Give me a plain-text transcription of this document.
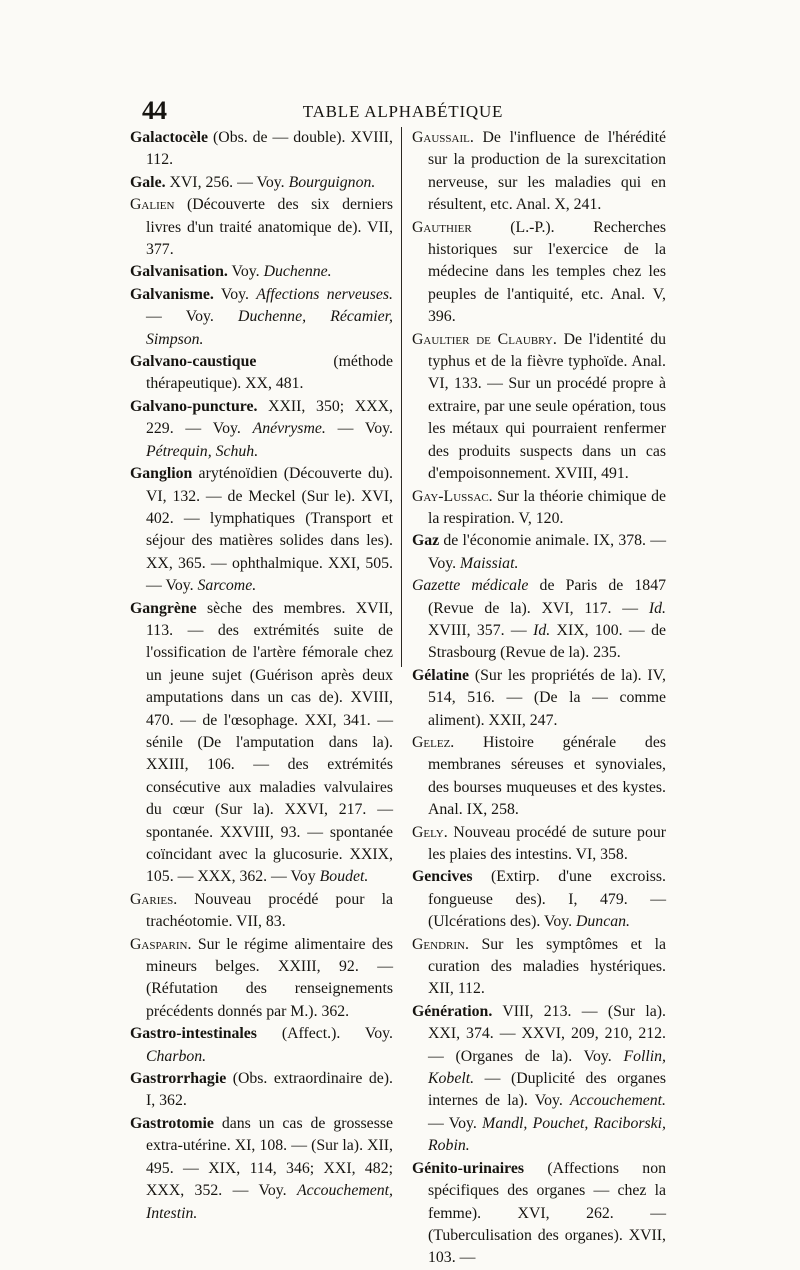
44	TABLE ALPHABÉTIQUE
Galactocèle (Obs. de — double). XVIII, 112.
Gale. XVI, 256. — Voy. Bourguignon.
Galien (Découverte des six derniers livres d'un traité anatomique de). VII, 377.
Galvanisation. Voy. Duchenne.
Galvanisme. Voy. Affections nerveuses. — Voy. Duchenne, Récamier, Simpson.
Galvano-caustique (méthode thérapeutique). XX, 481.
Galvano-puncture. XXII, 350; XXX, 229. — Voy. Anévrysme. — Voy. Pétrequin, Schuh.
Ganglion aryténoïdien (Découverte du). VI, 132. — de Meckel (Sur le). XVI, 402. — lymphatiques (Transport et séjour des matières solides dans les). XX, 365. — ophthalmique. XXI, 505. — Voy. Sarcome.
Gangrène sèche des membres. XVII, 113. — des extrémités suite de l'ossification de l'artère fémorale chez un jeune sujet (Guérison après deux amputations dans un cas de). XVIII, 470. — de l'œsophage. XXI, 341. — sénile (De l'amputation dans la). XXIII, 106. — des extrémités consécutive aux maladies valvulaires du cœur (Sur la). XXVI, 217. — spontanée. XXVIII, 93. — spontanée coïncidant avec la glucosurie. XXIX, 105. — XXX, 362. — Voy Boudet.
Garies. Nouveau procédé pour la trachéotomie. VII, 83.
Gasparin. Sur le régime alimentaire des mineurs belges. XXIII, 92. — (Réfutation des renseignements précédents donnés par M.). 362.
Gastro-intestinales (Affect.). Voy. Charbon.
Gastrorrhagie (Obs. extraordinaire de). I, 362.
Gastrotomie dans un cas de grossesse extra-utérine. XI, 108. — (Sur la). XII, 495. — XIX, 114, 346; XXI, 482; XXX, 352. — Voy. Accouchement, Intestin.
Gaussail. De l'influence de l'hérédité sur la production de la surexcitation nerveuse, sur les maladies qui en résultent, etc. Anal. X, 241.
Gauthier (L.-P.). Recherches historiques sur l'exercice de la médecine dans les temples chez les peuples de l'antiquité, etc. Anal. V, 396.
Gaultier de Claubry. De l'identité du typhus et de la fièvre typhoïde. Anal. VI, 133. — Sur un procédé propre à extraire, par une seule opération, tous les métaux qui pourraient renfermer des produits suspects dans un cas d'empoisonnement. XVIII, 491.
Gay-Lussac. Sur la théorie chimique de la respiration. V, 120.
Gaz de l'économie animale. IX, 378. — Voy. Maissiat.
Gazette médicale de Paris de 1847 (Revue de la). XVI, 117. — Id. XVIII, 357. — Id. XIX, 100. — de Strasbourg (Revue de la). 235.
Gélatine (Sur les propriétés de la). IV, 514, 516. — (De la — comme aliment). XXII, 247.
Gelez. Histoire générale des membranes séreuses et synoviales, des bourses muqueuses et des kystes. Anal. IX, 258.
Gely. Nouveau procédé de suture pour les plaies des intestins. VI, 358.
Gencives (Extirp. d'une excroiss. fongueuse des). I, 479. — (Ulcérations des). Voy. Duncan.
Gendrin. Sur les symptômes et la curation des maladies hystériques. XII, 112.
Génération. VIII, 213. — (Sur la). XXI, 374. — XXVI, 209, 210, 212. — (Organes de la). Voy. Follin, Kobelt. — (Duplicité des organes internes de la). Voy. Accouchement. — Voy. Mandl, Pouchet, Raciborski, Robin.
Génito-urinaires (Affections non spécifiques des organes — chez la femme). XVI, 262. — (Tuberculisation des organes). XVII, 103. —
